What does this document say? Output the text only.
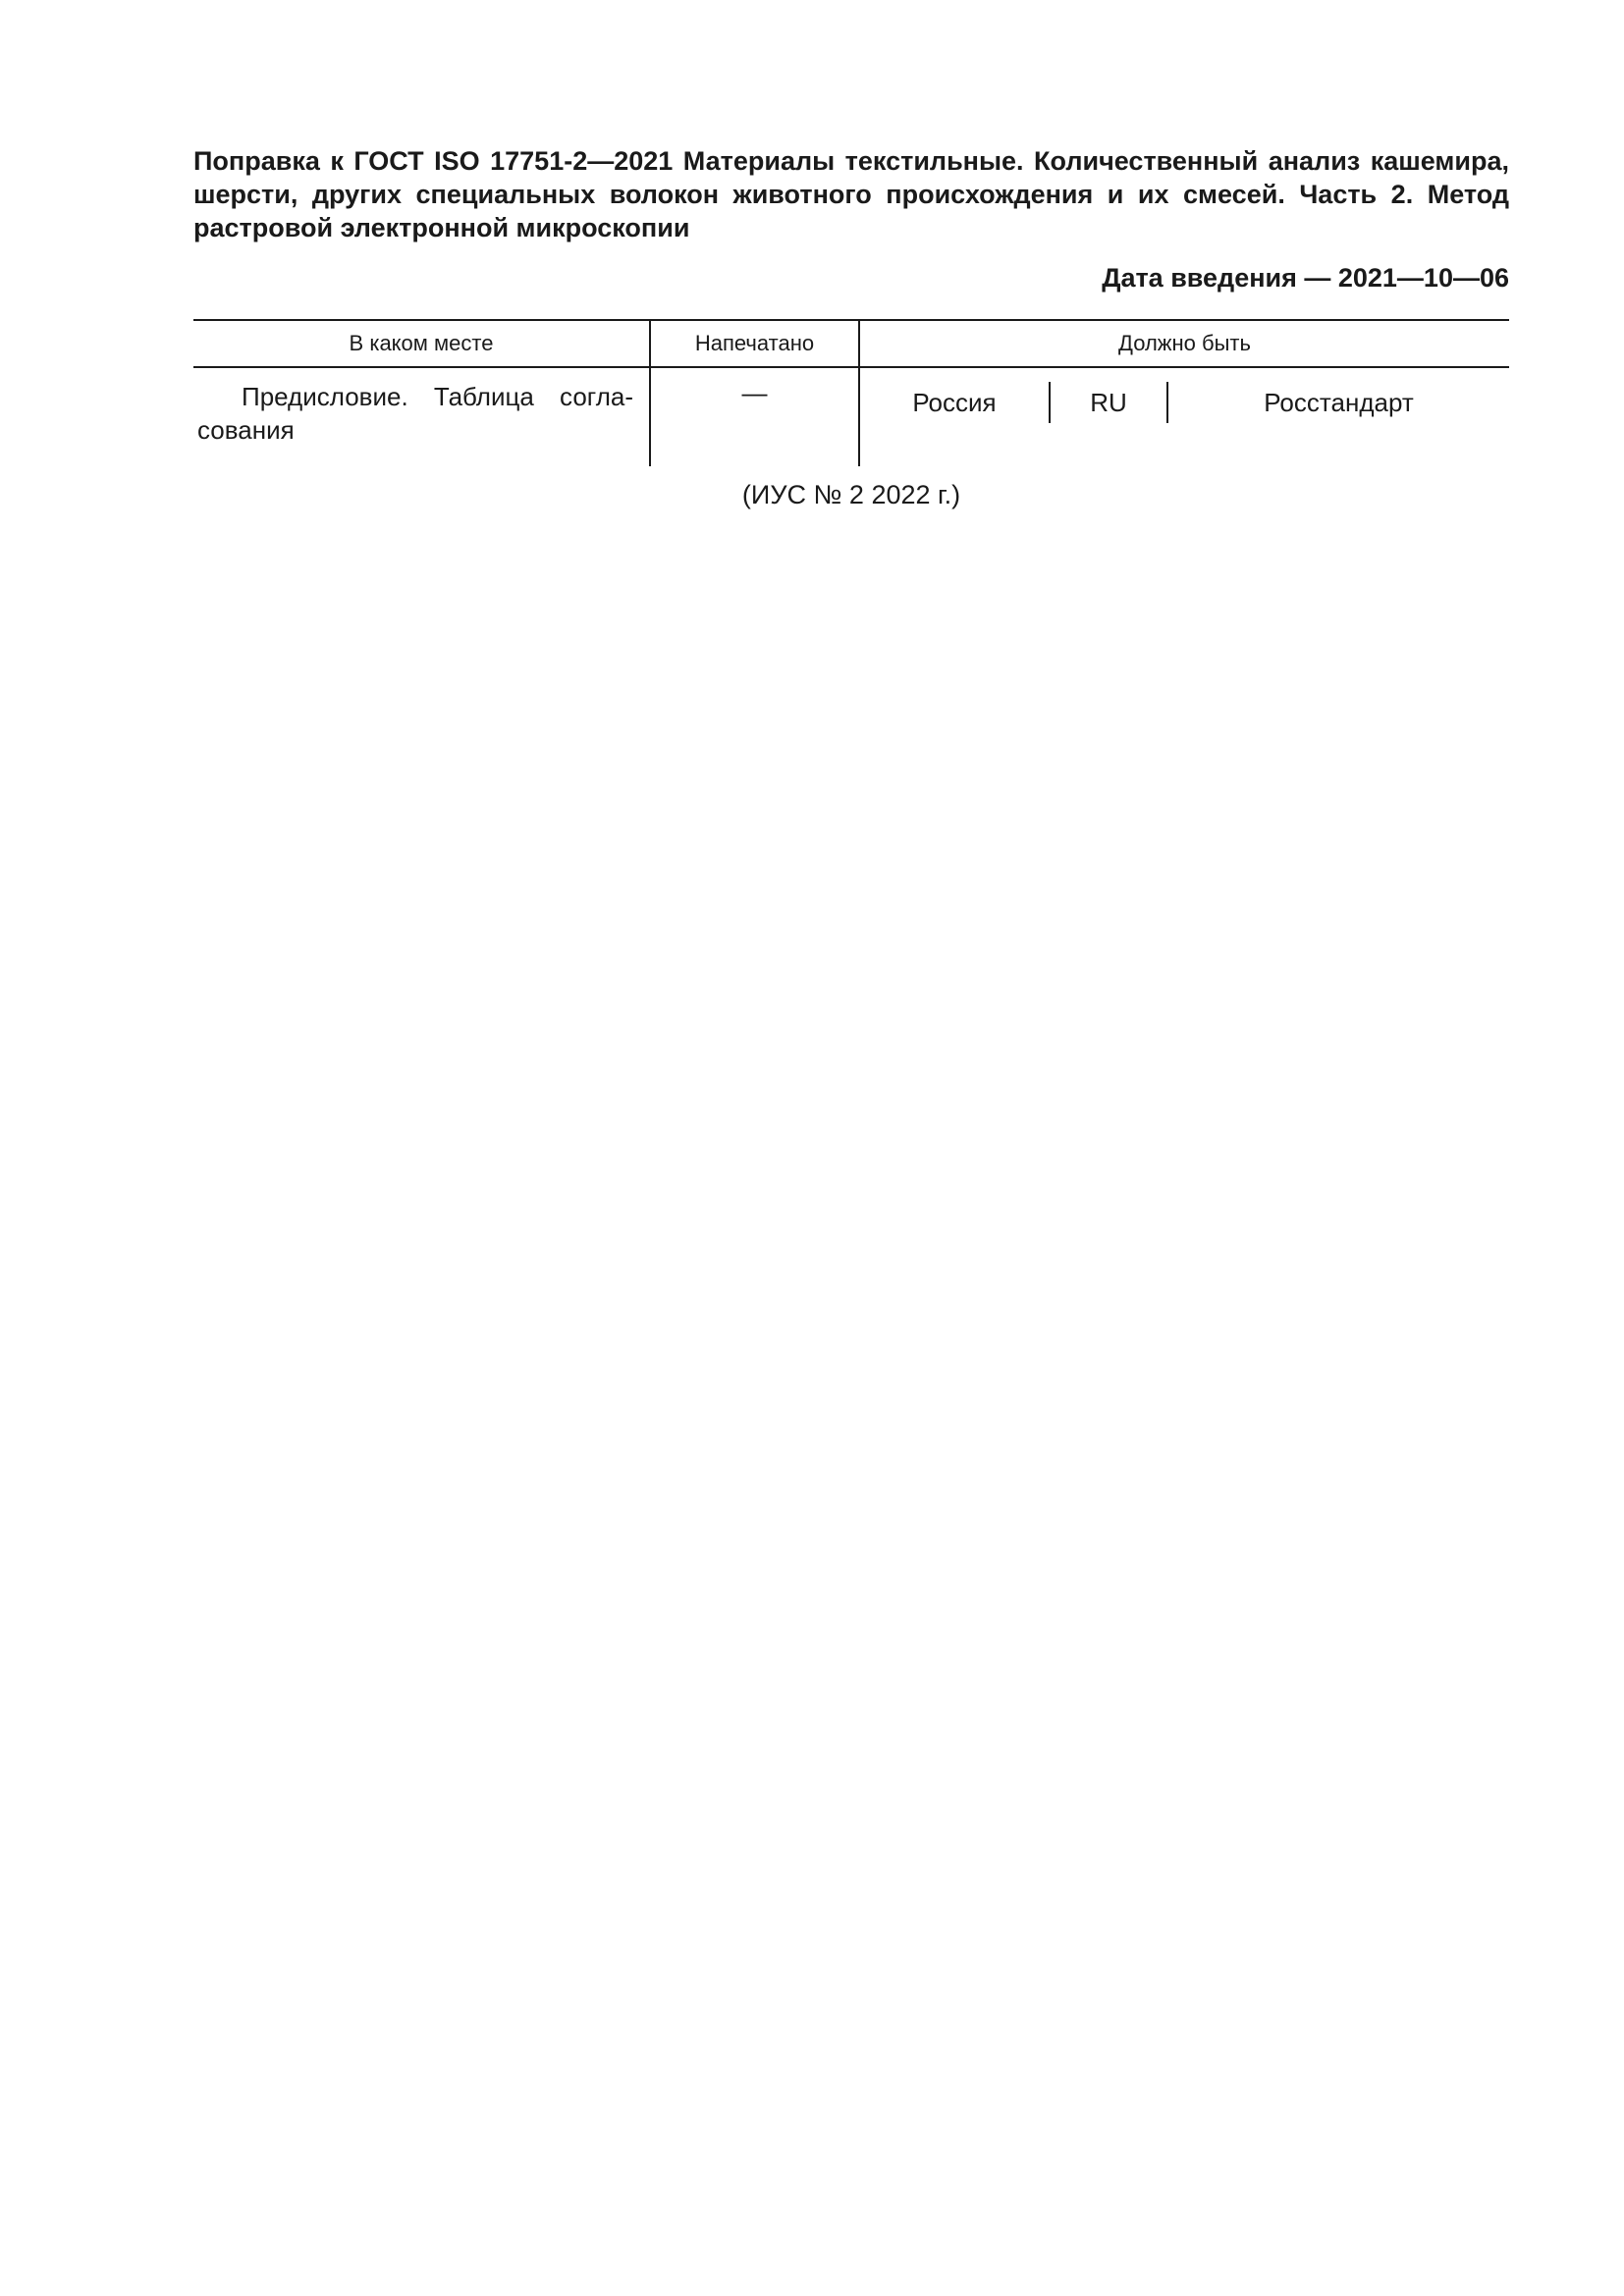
Поправка к ГОСТ ISO 17751-2—2021 Материалы текстильные. Количественный анализ кашемира, шерсти, других специальных волокон животного происхождения и их смесей. Часть 2. Метод растровой электронной микроскопии

Дата введения — 2021—10—06
В каком месте	Напечатано	Должно быть
Предисловие. Таблица согласования	—	Россия RU Росстандарт
(ИУС № 2 2022 г.)
